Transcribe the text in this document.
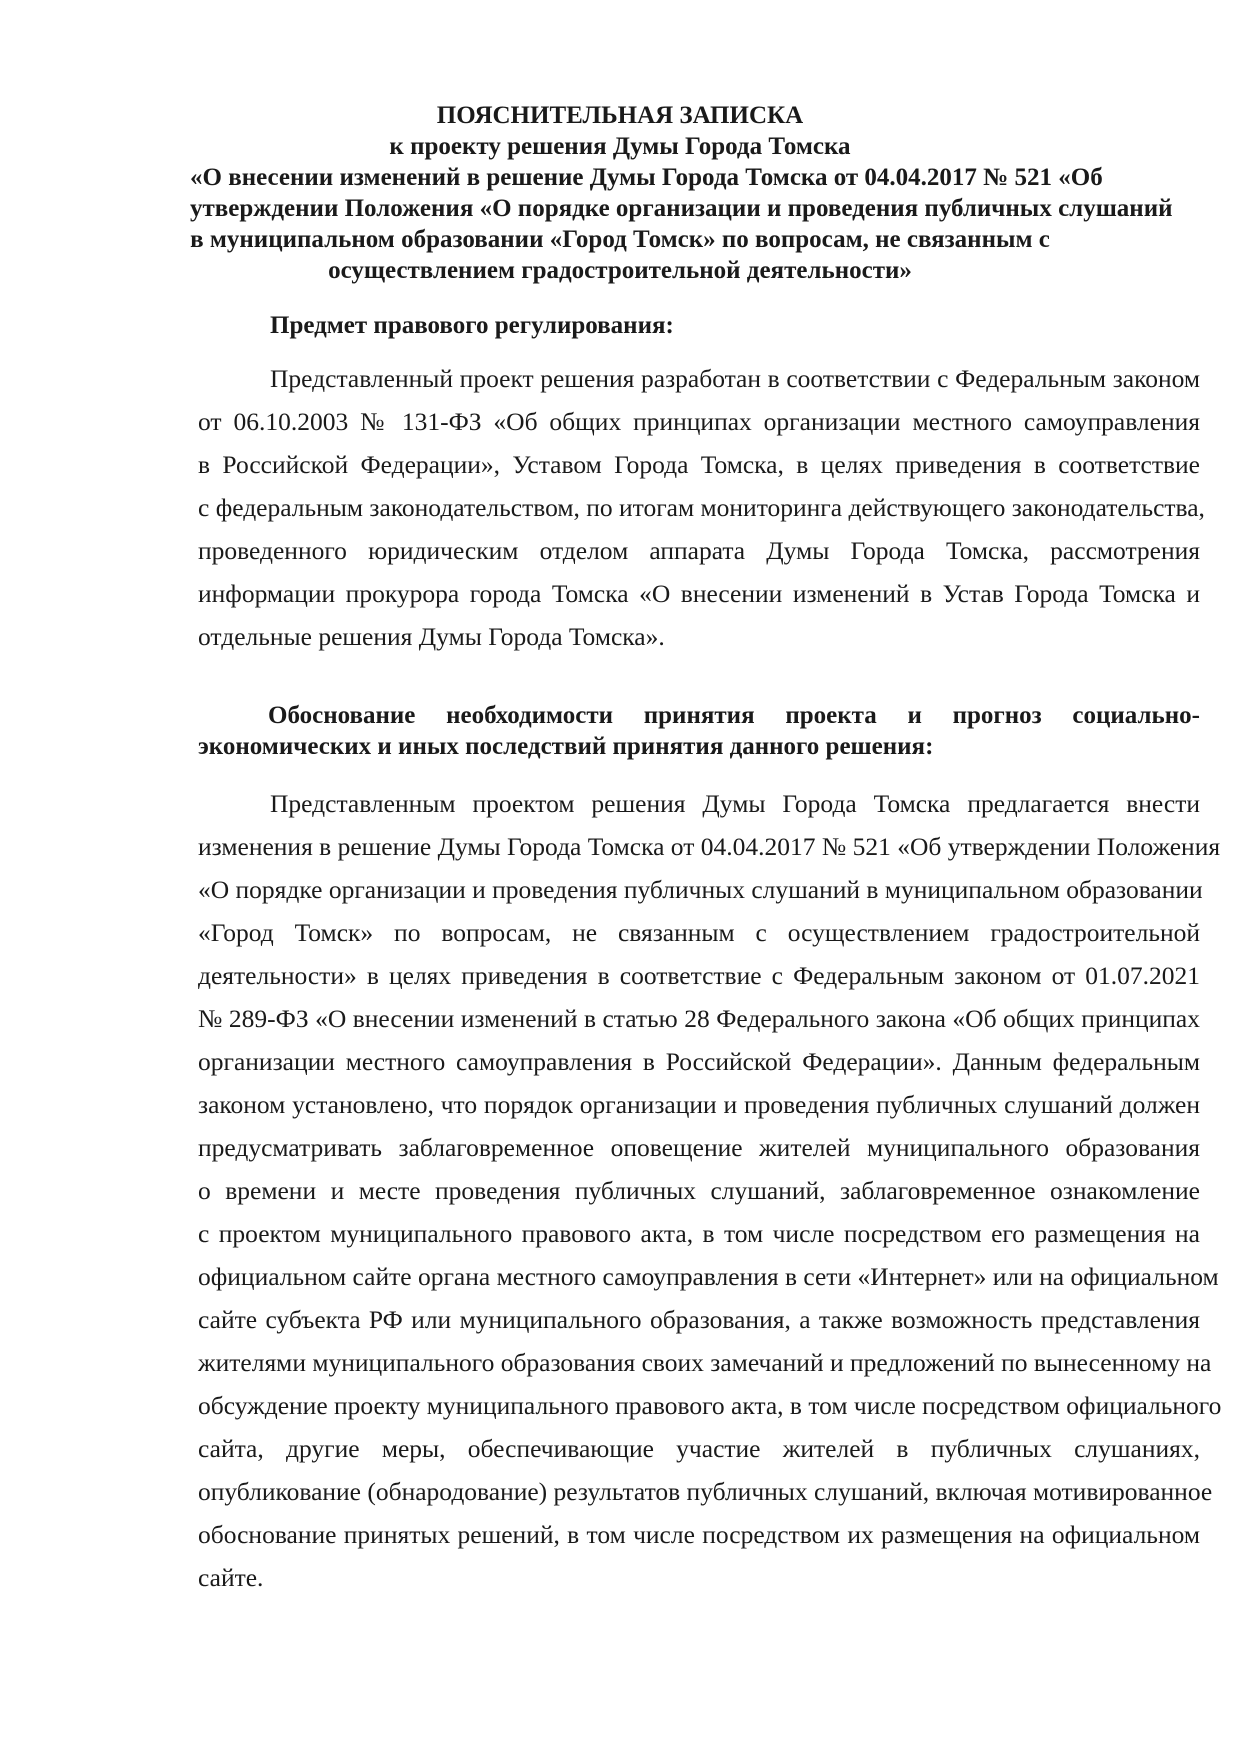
ПОЯСНИТЕЛЬНАЯ ЗАПИСКА
к проекту решения Думы Города Томска
«О внесении изменений в решение Думы Города Томска от 04.04.2017 № 521 «Об
утверждении Положения «О порядке организации и проведения публичных слушаний
в муниципальном образовании «Город Томск» по вопросам, не связанным с
осуществлением градостроительной деятельности»
Предмет правового регулирования:
Представленный проект решения разработан в соответствии с Федеральным законом
от 06.10.2003 № 131-ФЗ «Об общих принципах организации местного самоуправления
в Российской Федерации», Уставом Города Томска, в целях приведения в соответствие
с федеральным законодательством, по итогам мониторинга действующего законодательства,
проведенного юридическим отделом аппарата Думы Города Томска, рассмотрения
информации прокурора города Томска «О внесении изменений в Устав Города Томска и
отдельные решения Думы Города Томска».
Обоснование необходимости принятия проекта и прогноз социально-
экономических и иных последствий принятия данного решения:
Представленным проектом решения Думы Города Томска предлагается внести
изменения в решение Думы Города Томска от 04.04.2017 № 521 «Об утверждении Положения
«О порядке организации и проведения публичных слушаний в муниципальном образовании
«Город Томск» по вопросам, не связанным с осуществлением градостроительной
деятельности» в целях приведения в соответствие с Федеральным законом от 01.07.2021
№ 289-ФЗ «О внесении изменений в статью 28 Федерального закона «Об общих принципах
организации местного самоуправления в Российской Федерации». Данным федеральным
законом установлено, что порядок организации и проведения публичных слушаний должен
предусматривать заблаговременное оповещение жителей муниципального образования
о времени и месте проведения публичных слушаний, заблаговременное ознакомление
с проектом муниципального правового акта, в том числе посредством его размещения на
официальном сайте органа местного самоуправления в сети «Интернет» или на официальном
сайте субъекта РФ или муниципального образования, а также возможность представления
жителями муниципального образования своих замечаний и предложений по вынесенному на
обсуждение проекту муниципального правового акта, в том числе посредством официального
сайта, другие меры, обеспечивающие участие жителей в публичных слушаниях,
опубликование (обнародование) результатов публичных слушаний, включая мотивированное
обоснование принятых решений, в том числе посредством их размещения на официальном
сайте.
